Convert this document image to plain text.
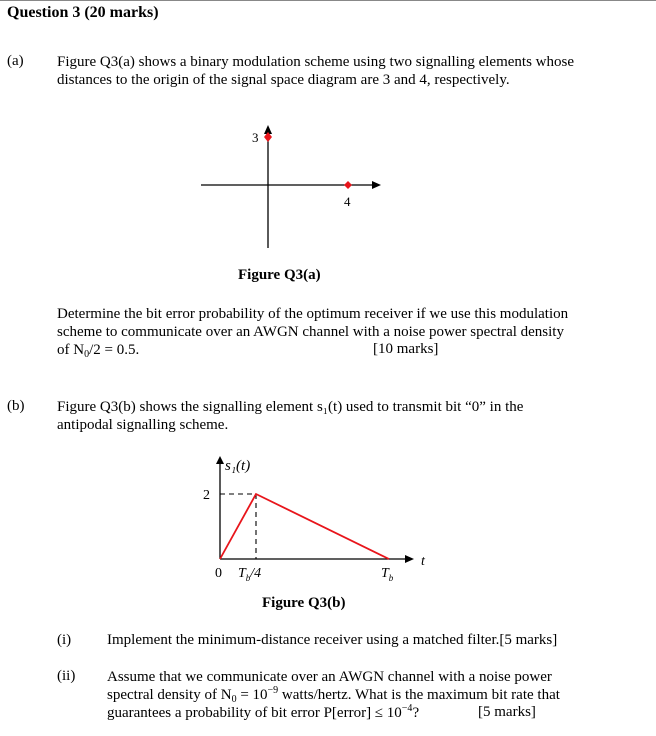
Question 3 (20 marks)
(a) Figure Q3(a) shows a binary modulation scheme using two signalling elements whose
distances to the origin of the signal space diagram are 3 and 4, respectively.
3
4
Figure Q3(a)
Determine the bit error probability of the optimum receiver if we use this modulation
scheme to communicate over an AWGN channel with a noise power spectral density
of $N_0/2 = 0.5$.	[10 marks]
(b) Figure Q3(b) shows the signalling element s₁(t) used to transmit bit “0” in the
antipodal signalling scheme.
s₁(t)
2
t
0 $T_b/4$	$T_b$
Figure Q3(b)
(i) Implement the minimum-distance receiver using a matched filter.[5 marks]
(ii) Assume that we communicate over an AWGN channel with a noise power
spectral density of $N_0 = 10^{-9}$ watts/hertz. What is the maximum bit rate that
guarantees a probability of bit error P[error] ≤ $10^{-4}$?	[5 marks]
